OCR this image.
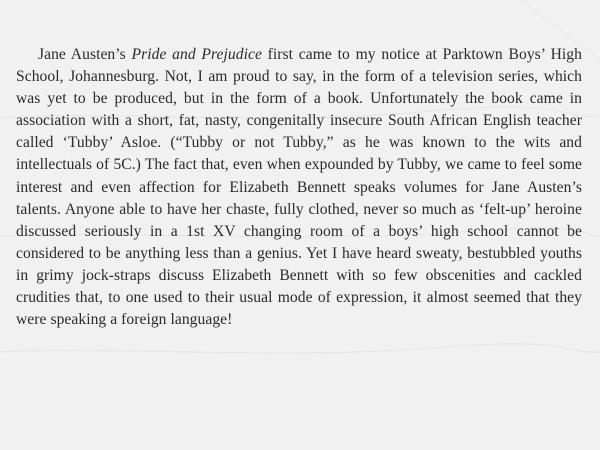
Jane Austen’s Pride and Prejudice first came to my notice at Parktown Boys’ High School, Johannesburg. Not, I am proud to say, in the form of a television series, which was yet to be produced, but in the form of a book. Unfortunately the book came in association with a short, fat, nasty, congenitally insecure South African English teacher called ‘Tubby’ Asloe. (“Tubby or not Tubby,” as he was known to the wits and intellectuals of 5C.) The fact that, even when expounded by Tubby, we came to feel some interest and even affection for Elizabeth Bennett speaks volumes for Jane Austen’s talents. Anyone able to have her chaste, fully clothed, never so much as ‘felt-up’ heroine discussed seriously in a 1st XV changing room of a boys’ high school cannot be considered to be anything less than a genius. Yet I have heard sweaty, bestubbled youths in grimy jock-straps discuss Elizabeth Bennett with so few obscenities and cackled crudities that, to one used to their usual mode of expression, it almost seemed that they were speaking a foreign language!
